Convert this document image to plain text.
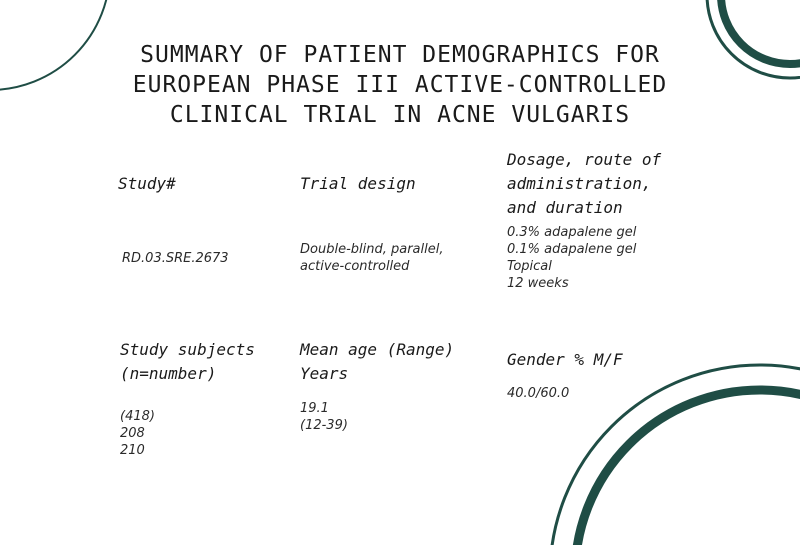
SUMMARY OF PATIENT DEMOGRAPHICS FOR
EUROPEAN PHASE III ACTIVE-CONTROLLED
CLINICAL TRIAL IN ACNE VULGARIS
Study#	Trial design
Dosage, route of
administration,
and duration
RD.03.SRE.2673
Double-blind, parallel,
active-controlled
0.3% adapalene gel
0.1% adapalene gel
Topical
12 weeks
Study subjects
(n=number)
Mean age (Range)
Years
Gender % M/F
(418)
208
210
19.1
(12-39)
40.0/60.0
